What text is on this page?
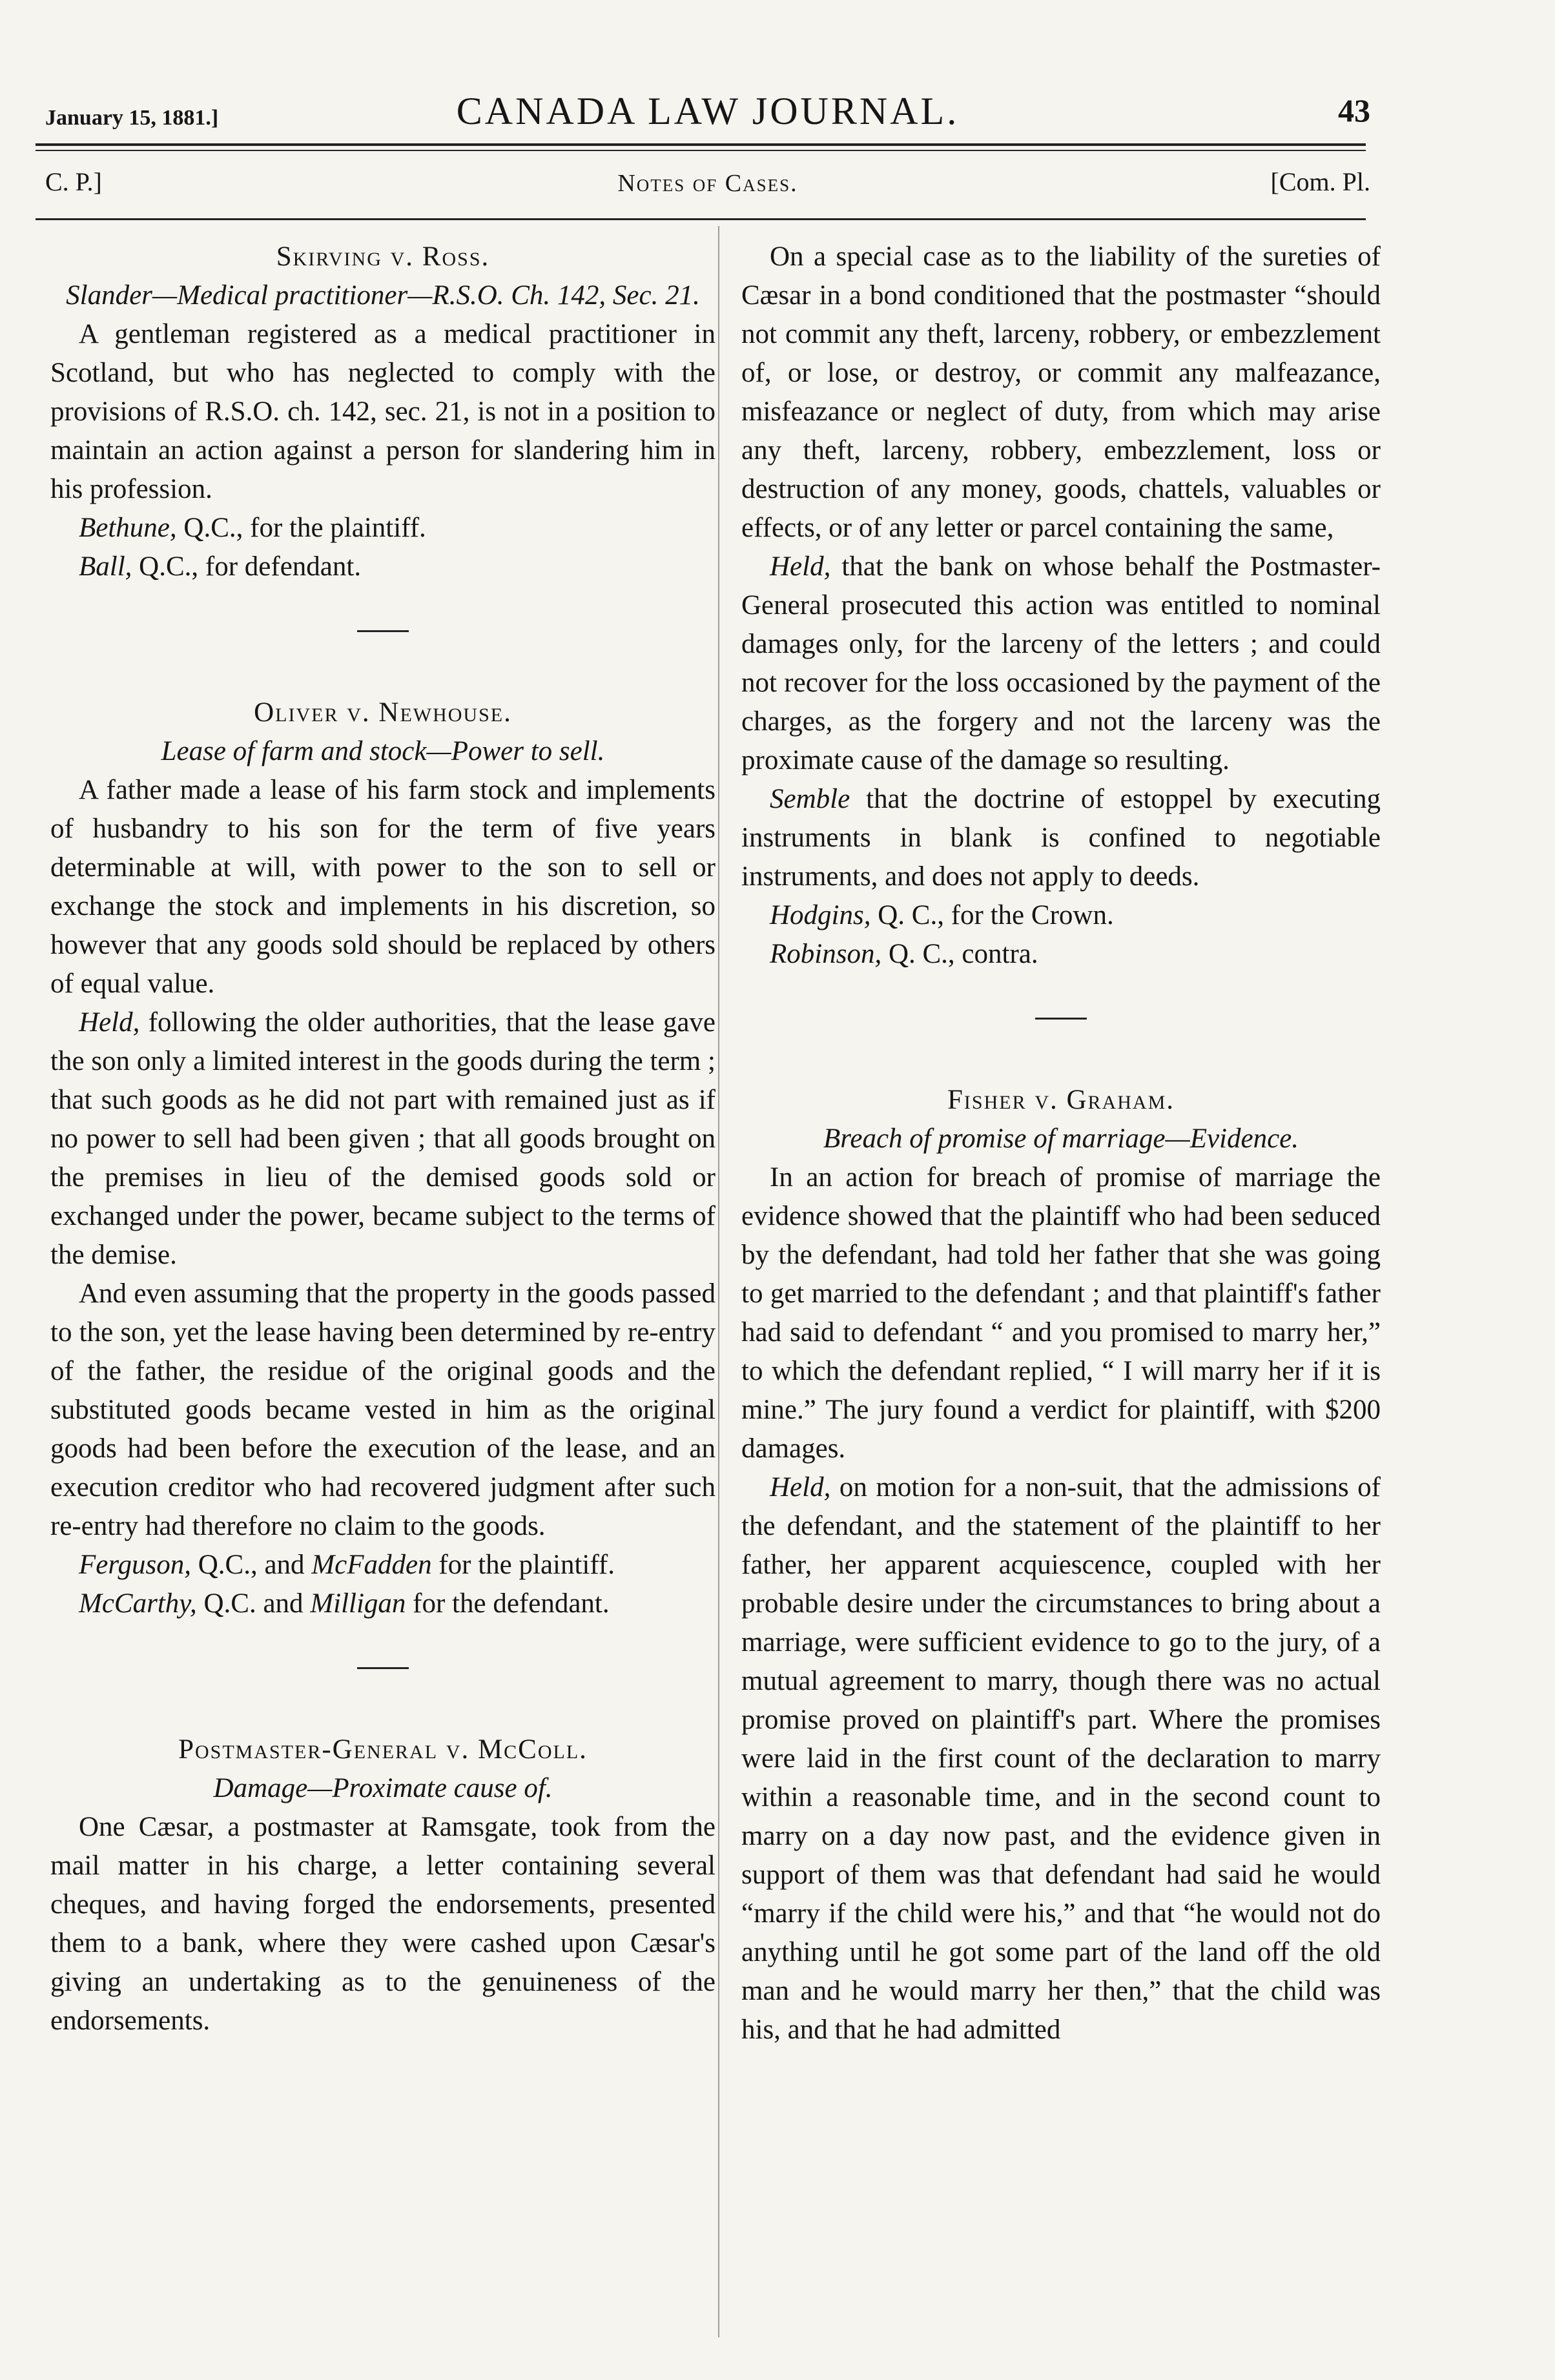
January 15, 1881.]	CANADA LAW JOURNAL.	43
C. P.]	Notes of Cases.	[Com. Pl.

Skirving v. Ross.

Slander—Medical practitioner—R.S.O. Ch. 142, Sec. 21.

A gentleman registered as a medical practitioner in Scotland, but who has neglected to comply with the provisions of R.S.O. ch. 142, sec. 21, is not in a position to maintain an action against a person for slandering him in his profession.

Bethune, Q.C., for the plaintiff.

Ball, Q.C., for defendant.

Oliver v. Newhouse.

Lease of farm and stock—Power to sell.

A father made a lease of his farm stock and implements of husbandry to his son for the term of five years determinable at will, with power to the son to sell or exchange the stock and implements in his discretion, so however that any goods sold should be replaced by others of equal value.

Held, following the older authorities, that the lease gave the son only a limited interest in the goods during the term ; that such goods as he did not part with remained just as if no power to sell had been given ; that all goods brought on the premises in lieu of the demised goods sold or exchanged under the power, became subject to the terms of the demise.

And even assuming that the property in the goods passed to the son, yet the lease having been determined by re-entry of the father, the residue of the original goods and the substituted goods became vested in him as the original goods had been before the execution of the lease, and an execution creditor who had recovered judgment after such re-entry had therefore no claim to the goods.

Ferguson, Q.C., and McFadden for the plaintiff.

McCarthy, Q.C. and Milligan for the defendant.

Postmaster-General v. McColl.

Damage—Proximate cause of.

One Cæsar, a postmaster at Ramsgate, took from the mail matter in his charge, a letter containing several cheques, and having forged the endorsements, presented them to a bank, where they were cashed upon Cæsar's giving an undertaking as to the genuineness of the endorsements.

On a special case as to the liability of the sureties of Cæsar in a bond conditioned that the postmaster “should not commit any theft, larceny, robbery, or embezzlement of, or lose, or destroy, or commit any malfeazance, misfeazance or neglect of duty, from which may arise any theft, larceny, robbery, embezzlement, loss or destruction of any money, goods, chattels, valuables or effects, or of any letter or parcel containing the same,

Held, that the bank on whose behalf the Postmaster-General prosecuted this action was entitled to nominal damages only, for the larceny of the letters ; and could not recover for the loss occasioned by the payment of the charges, as the forgery and not the larceny was the proximate cause of the damage so resulting.

Semble that the doctrine of estoppel by executing instruments in blank is confined to negotiable instruments, and does not apply to deeds.

Hodgins, Q. C., for the Crown.

Robinson, Q. C., contra.

Fisher v. Graham.

Breach of promise of marriage—Evidence.

In an action for breach of promise of marriage the evidence showed that the plaintiff who had been seduced by the defendant, had told her father that she was going to get married to the defendant ; and that plaintiff's father had said to defendant “ and you promised to marry her,” to which the defendant replied, “ I will marry her if it is mine.” The jury found a verdict for plaintiff, with $200 damages.

Held, on motion for a non-suit, that the admissions of the defendant, and the statement of the plaintiff to her father, her apparent acquiescence, coupled with her probable desire under the circumstances to bring about a marriage, were sufficient evidence to go to the jury, of a mutual agreement to marry, though there was no actual promise proved on plaintiff's part. Where the promises were laid in the first count of the declaration to marry within a reasonable time, and in the second count to marry on a day now past, and the evidence given in support of them was that defendant had said he would “marry if the child were his,” and that “he would not do anything until he got some part of the land off the old man and he would marry her then,” that the child was his, and that he had admitted
